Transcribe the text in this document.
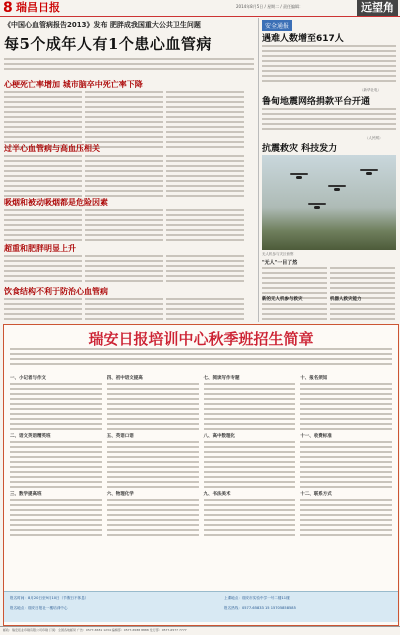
8 瑞昌日报	2014年8月5日 / 星期二 / 责任编辑：	远望角
《中国心血管病报告2013》发布 肥胖成我国重大公共卫生问题
每5个成年人有1个患心血管病
心梗死亡率增加 城市脑卒中死亡率下降
过半心血管病与高血压相关
吸烟和被动吸烟都是危险因素
超重和肥胖明显上升
饮食结构不利于防治心血管病
安全通报
遇难人数增至617人
（新华社电）
鲁甸地震网络捐款平台开通
（人民网）
抗震救灾 科技发力
无人机参与灾区侦察
"无人"一目了然
新的无人机参与救灾	机器人救灾能力
瑞安日报培训中心秋季班招生简章
一、小记者与作文
二、语文英语精英班
三、数学提高班
四、初中语文提高
五、英语口语
六、物理化学
七、阅读写作专题
八、高中数理化
九、书法美术
十、报名须知
十一、收费标准
十二、联系方式
报名时间：8月20日至9月10日（节假日不休息）
报名地点：瑞安日报社一楼培训中心
上课地点：瑞安市实验中学一号二楼11楼
报名热线：0577-65833 15 15705858585
邮政：瑞安报业印刷有限公司印刷 订阅：全国各地邮局 广告：0577-6581 1234 编辑部：0577-6588 8888 发行部：0577-6577 7777
